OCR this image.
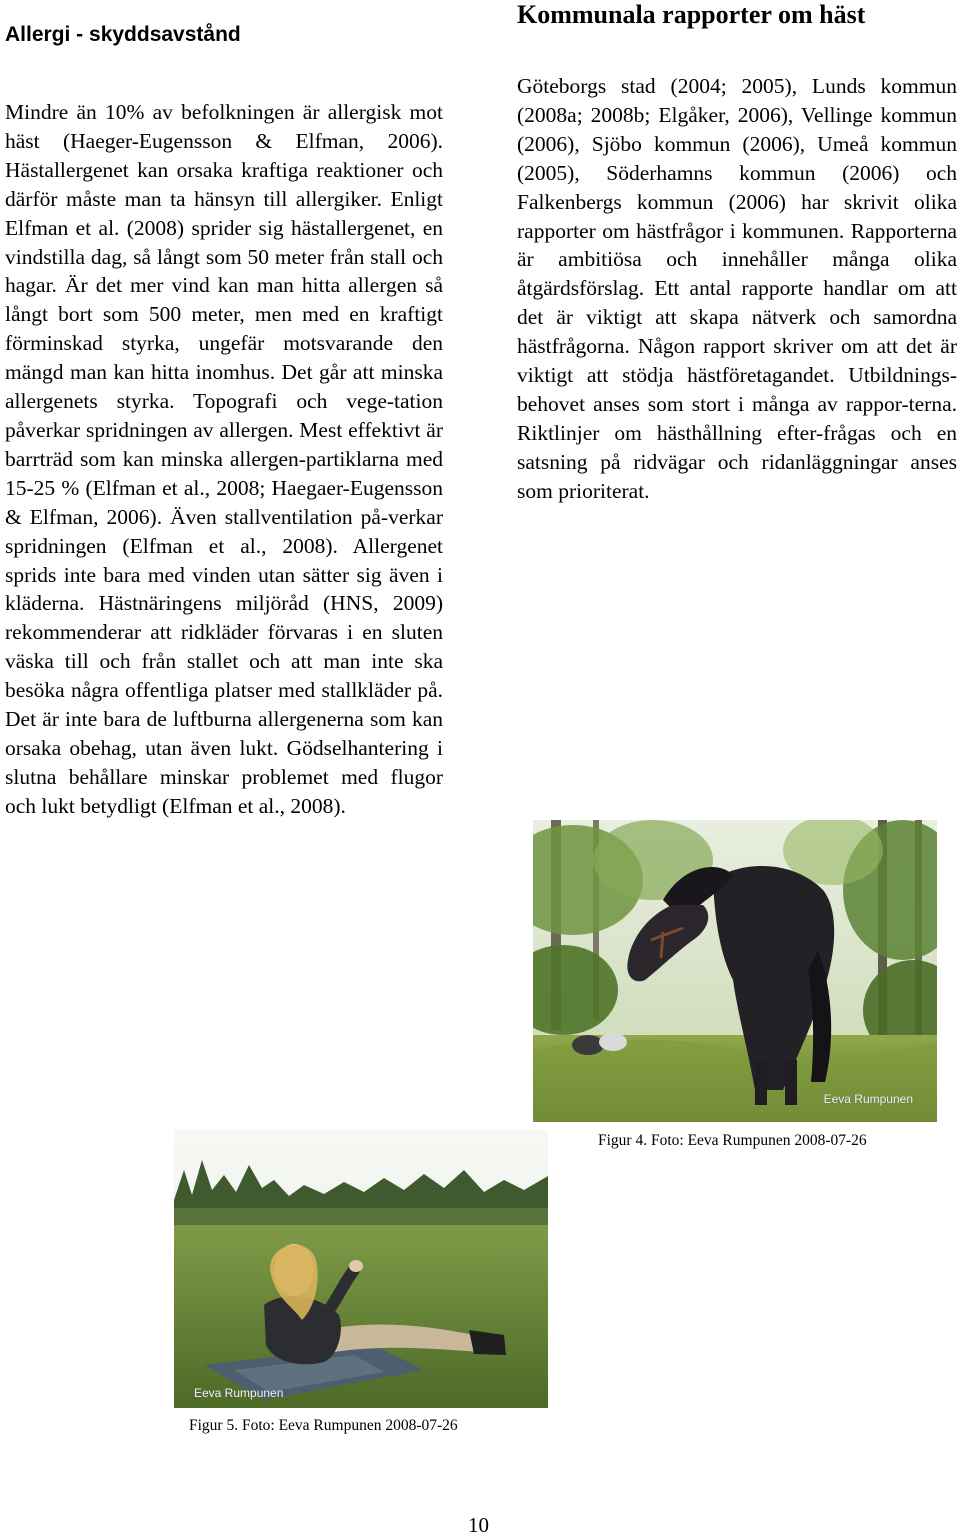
Allergi - skyddsavstånd

Mindre än 10% av befolkningen är allergisk mot häst (Haeger-Eugensson & Elfman, 2006). Hästallergenet kan orsaka kraftiga reaktioner och därför måste man ta hänsyn till allergiker. Enligt Elfman et al. (2008) sprider sig hästallergenet, en vindstilla dag, så långt som 50 meter från stall och hagar. Är det mer vind kan man hitta allergen så långt bort som 500 meter, men med en kraftigt förminskad styrka, ungefär motsvarande den mängd man kan hitta inomhus. Det går att minska allergenets styrka. Topografi och vege-tation påverkar spridningen av allergen. Mest effektivt är barrträd som kan minska allergen-partiklarna med 15-25 % (Elfman et al., 2008; Haegaer-Eugensson & Elfman, 2006). Även stallventilation på-verkar spridningen (Elfman et al., 2008). Allergenet sprids inte bara med vinden utan sätter sig även i kläderna. Hästnäringens miljöråd (HNS, 2009) rekommenderar att ridkläder förvaras i en sluten väska till och från stallet och att man inte ska besöka några offentliga platser med stallkläder på. Det är inte bara de luftburna allergenerna som kan orsaka obehag, utan även lukt. Gödselhantering i slutna behållare minskar problemet med flugor och lukt betydligt (Elfman et al., 2008).

Kommunala rapporter om häst

Göteborgs stad (2004; 2005), Lunds kommun (2008a; 2008b; Elgåker, 2006), Vellinge kommun (2006), Sjöbo kommun (2006), Umeå kommun (2005), Söderhamns kommun (2006) och Falkenbergs kommun (2006) har skrivit olika rapporter om hästfrågor i kommunen. Rapporterna är ambitiösa och innehåller många olika åtgärdsförslag. Ett antal rapporte handlar om att det är viktigt att skapa nätverk och samordna hästfrågorna. Någon rapport skriver om att det är viktigt att stödja hästföretagandet. Utbildnings-behovet anses som stort i många av rappor-terna. Riktlinjer om hästhållning efter-frågas och en satsning på ridvägar och ridanläggningar anses som prioriterat.

Eeva Rumpunen
Figur 4. Foto: Eeva Rumpunen 2008-07-26
Eeva Rumpunen
Figur 5. Foto: Eeva Rumpunen 2008-07-26
10
